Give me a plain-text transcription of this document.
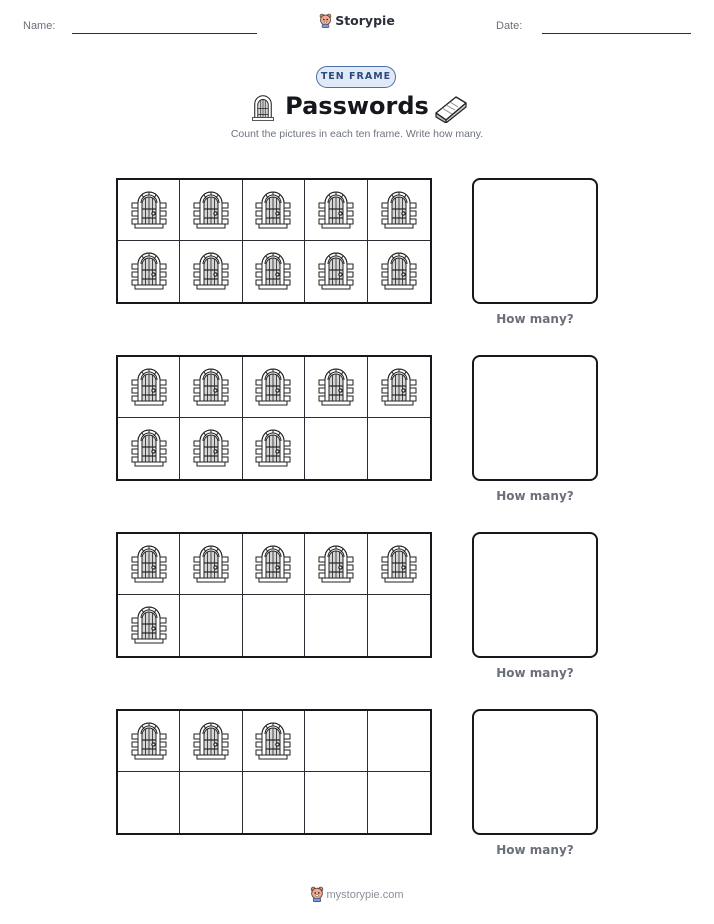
Name:	Storypie	Date:
TEN FRAME
Passwords
Count the pictures in each ten frame. Write how many.
How many?
How many?
How many?
How many?
mystorypie.com
